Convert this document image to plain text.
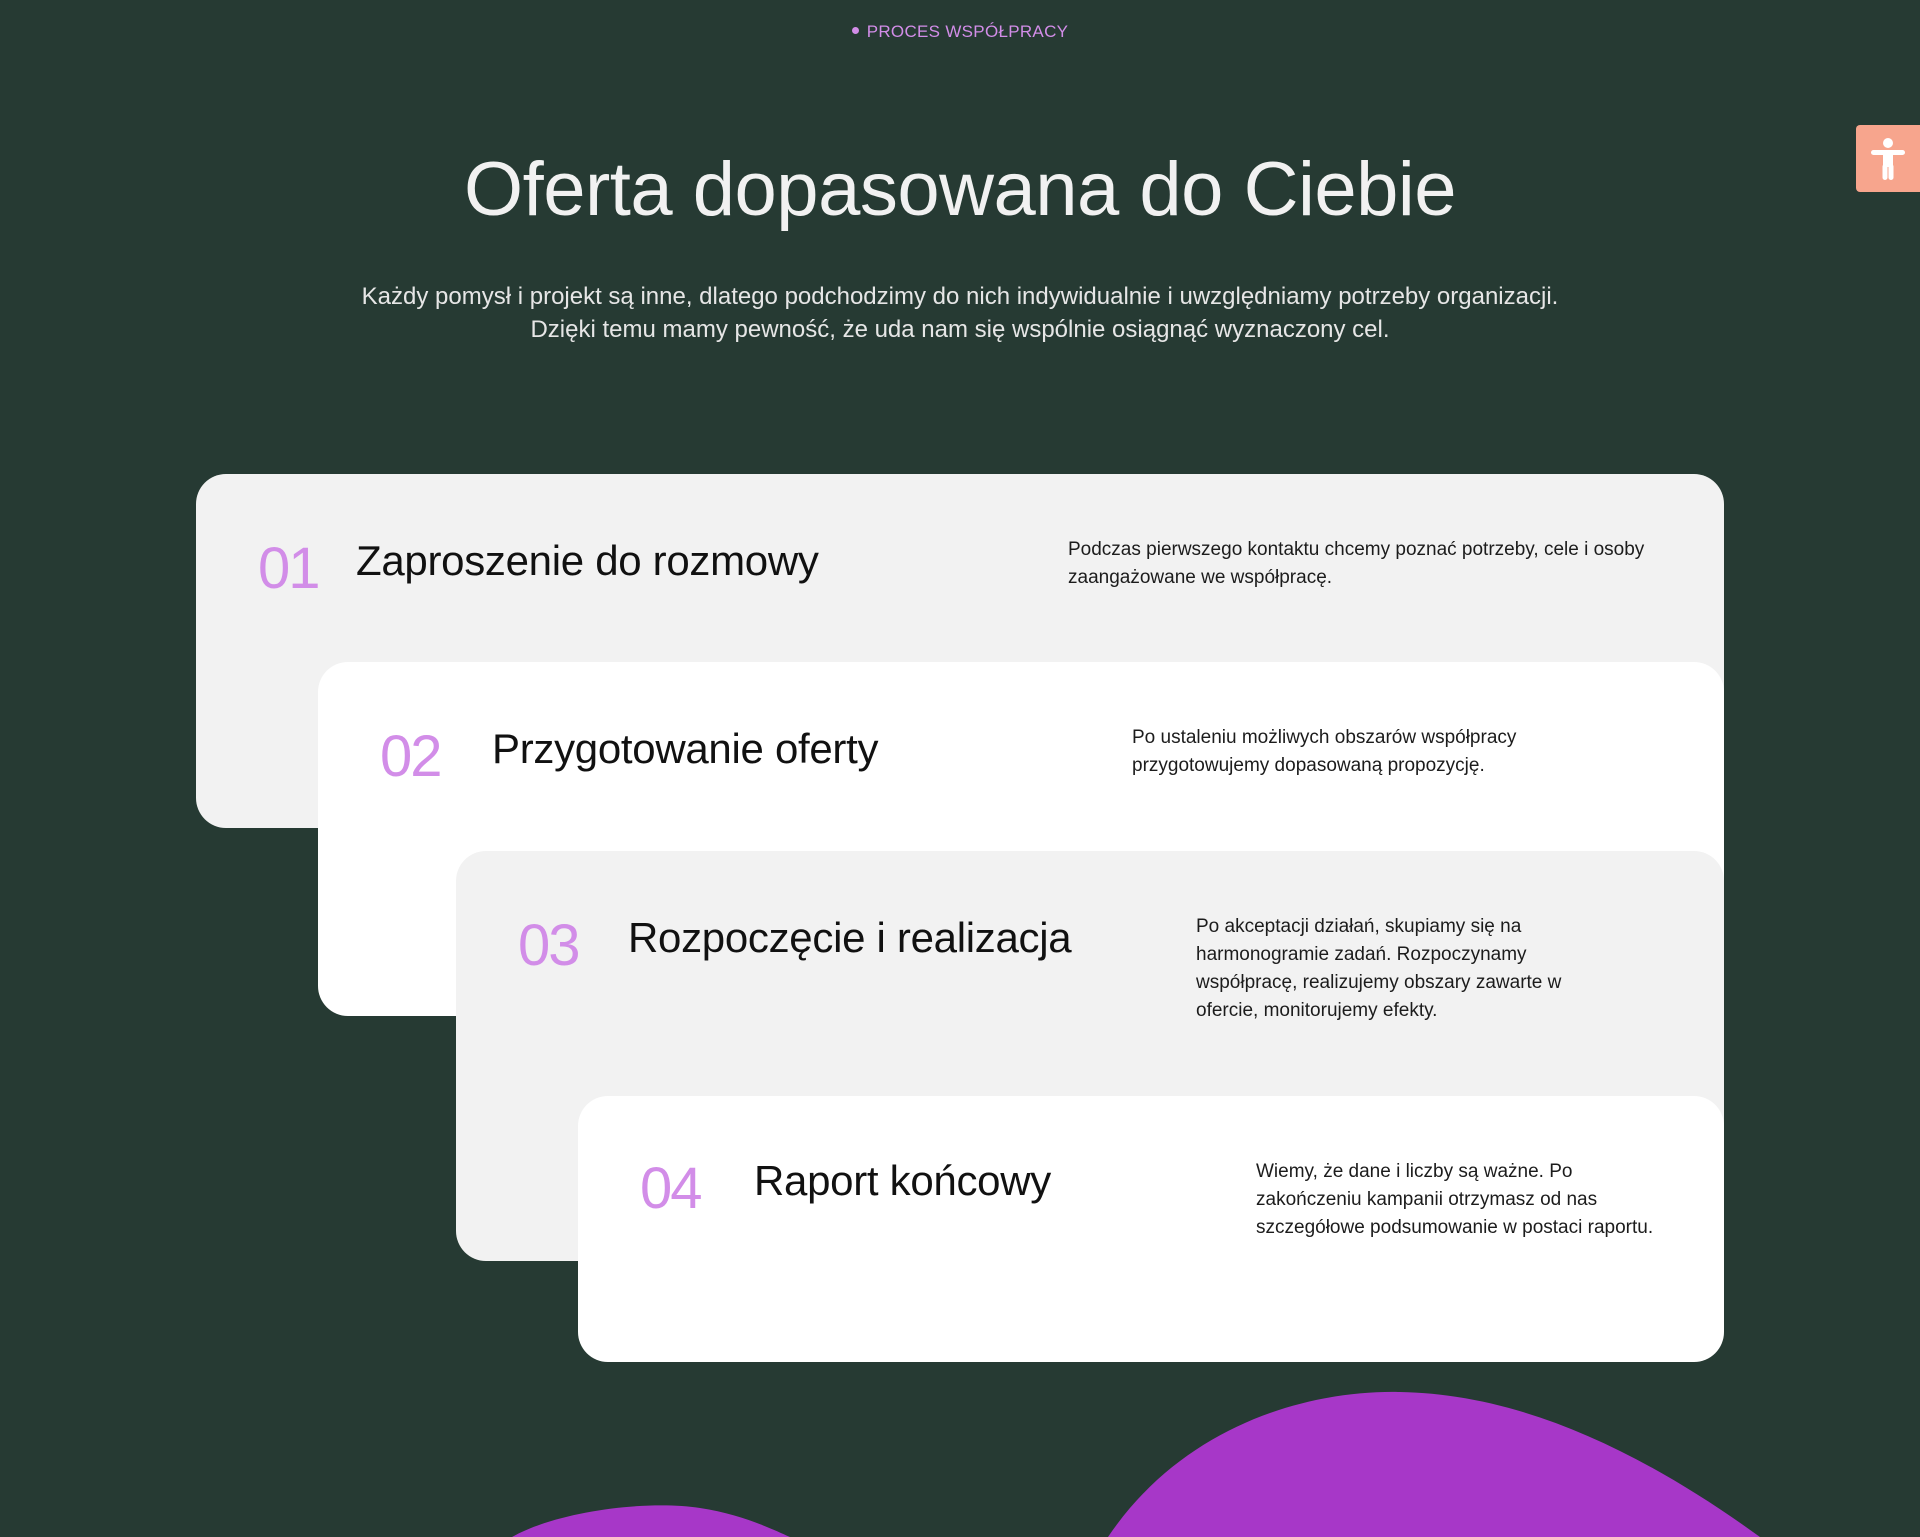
PROCES WSPÓŁPRACY
Oferta dopasowana do Ciebie

Każdy pomysł i projekt są inne, dlatego podchodzimy do nich indywidualnie i uwzględniamy potrzeby organizacji. Dzięki temu mamy pewność, że uda nam się wspólnie osiągnąć wyznaczony cel.

01 Zaproszenie do rozmowy	Podczas pierwszego kontaktu chcemy poznać potrzeby, cele i osoby zaangażowane we współpracę.

02 Przygotowanie oferty	Po ustaleniu możliwych obszarów współpracy przygotowujemy dopasowaną propozycję.

03 Rozpoczęcie i realizacja	Po akceptacji działań, skupiamy się na harmonogramie zadań. Rozpoczynamy współpracę, realizujemy obszary zawarte w ofercie, monitorujemy efekty.

04 Raport końcowy	Wiemy, że dane i liczby są ważne. Po zakończeniu kampanii otrzymasz od nas szczegółowe podsumowanie w postaci raportu.
